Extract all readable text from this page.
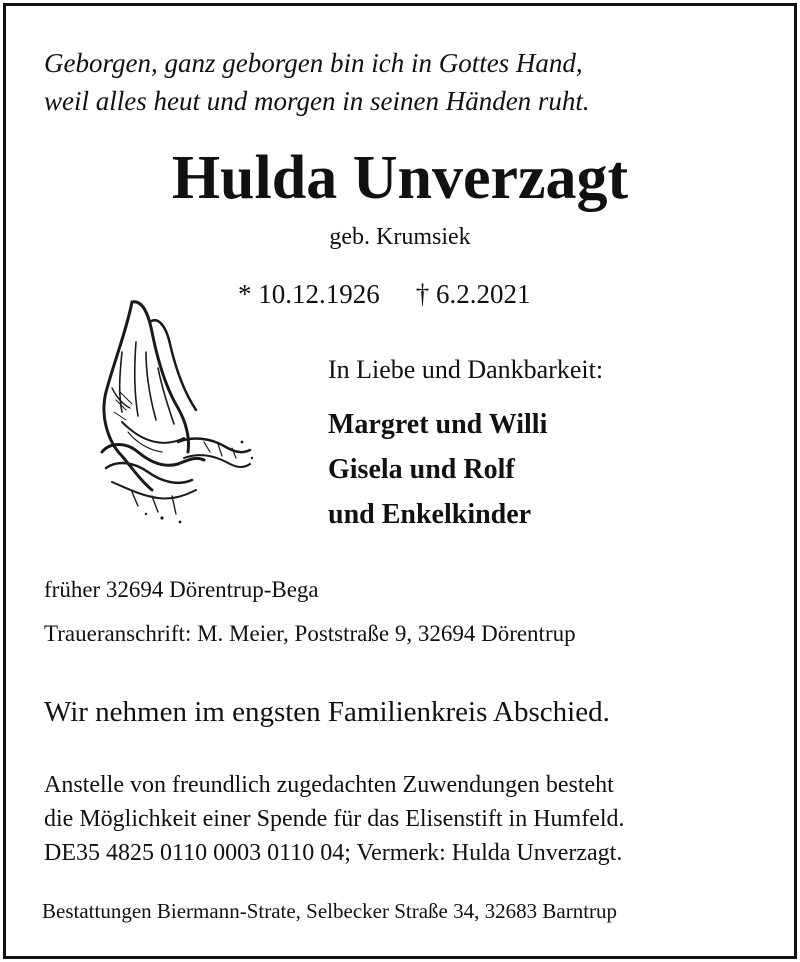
Geborgen, ganz geborgen bin ich in Gottes Hand,
weil alles heut und morgen in seinen Händen ruht.
Hulda Unverzagt
geb. Krumsiek
* 10.12.1926 † 6.2.2021
In Liebe und Dankbarkeit:
Margret und Willi
Gisela und Rolf
und Enkelkinder
früher 32694 Dörentrup-Bega
Traueranschrift: M. Meier, Poststraße 9, 32694 Dörentrup
Wir nehmen im engsten Familienkreis Abschied.
Anstelle von freundlich zugedachten Zuwendungen besteht
die Möglichkeit einer Spende für das Elisenstift in Humfeld.
DE35 4825 0110 0003 0110 04; Vermerk: Hulda Unverzagt.
Bestattungen Biermann-Strate, Selbecker Straße 34, 32683 Barntrup
